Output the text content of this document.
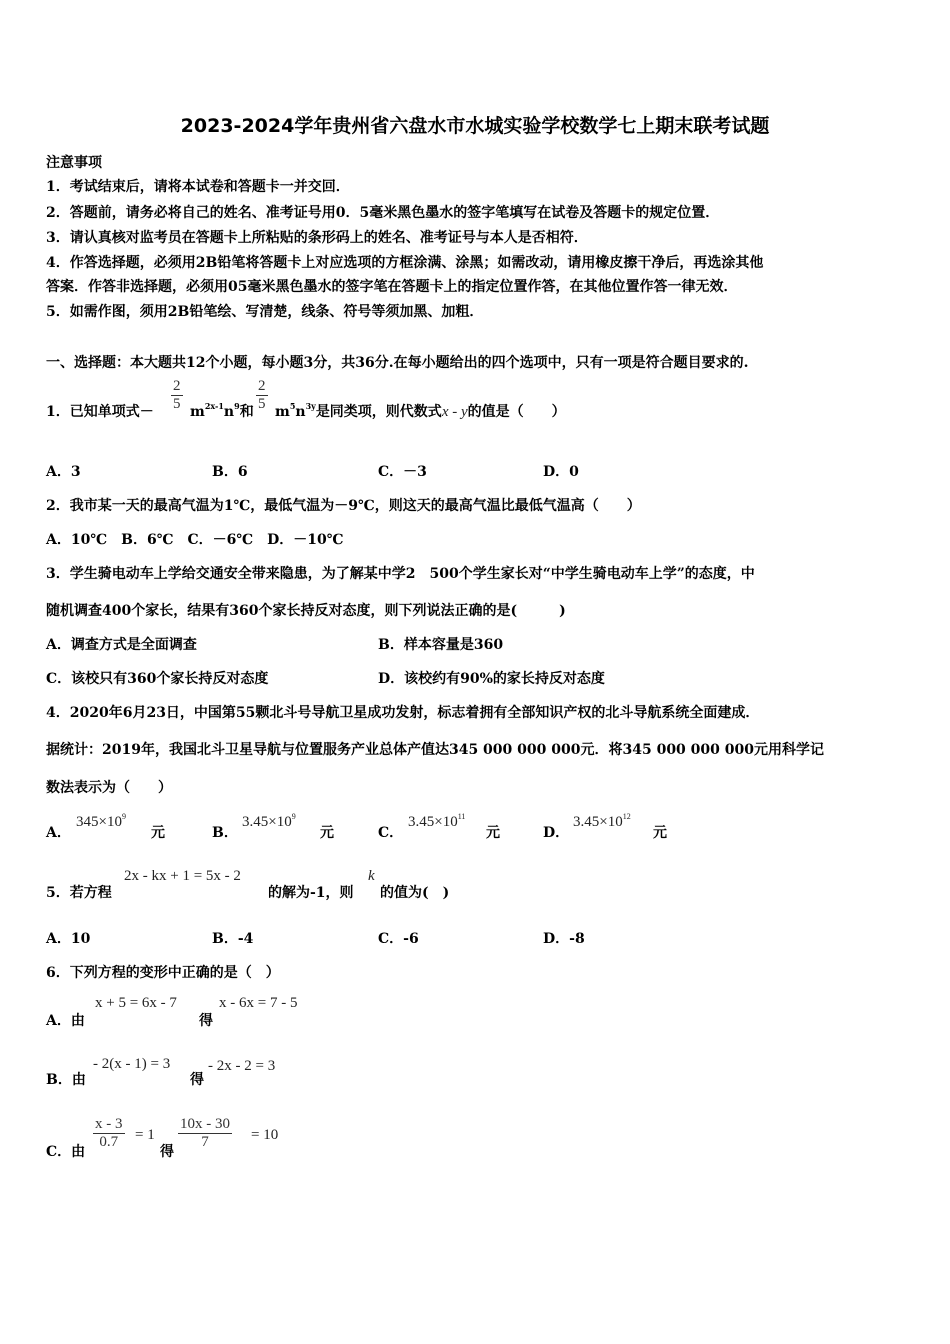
2023-2024学年贵州省六盘水市水城实验学校数学七上期末联考试题
注意事项
1．考试结束后，请将本试卷和答题卡一并交回．
2．答题前，请务必将自己的姓名、准考证号用0．5毫米黑色墨水的签字笔填写在试卷及答题卡的规定位置．
3．请认真核对监考员在答题卡上所粘贴的条形码上的姓名、准考证号与本人是否相符．
4．作答选择题，必须用2B铅笔将答题卡上对应选项的方框涂满、涂黑；如需改动，请用橡皮擦干净后，再选涂其他
答案．作答非选择题，必须用05毫米黑色墨水的签字笔在答题卡上的指定位置作答，在其他位置作答一律无效．
5．如需作图，须用2B铅笔绘、写清楚，线条、符号等须加黑、加粗．
一、选择题：本大题共12个小题，每小题3分，共36分.在每小题给出的四个选项中，只有一项是符合题目要求的.
1．已知单项式－ $\frac{2}{5} m^{2x-1}n^9$和 $\frac{2}{5} m^5n^{3y}$是同类项，则代数式x - y的值是（　　）
A．3	B．6	C．－3	D．0
2．我市某一天的最高气温为1℃，最低气温为－9℃，则这天的最高气温比最低气温高（　　）
A．10℃　B．6℃　C．－6℃　D．－10℃
3．学生骑电动车上学给交通安全带来隐患，为了解某中学2　500个学生家长对“中学生骑电动车上学”的态度，中
随机调查400个家长，结果有360个家长持反对态度，则下列说法正确的是(　　　)
A．调查方式是全面调查	B．样本容量是360
C．该校只有360个家长持反对态度	D．该校约有90%的家长持反对态度
4．2020年6月23日，中国第55颗北斗号导航卫星成功发射，标志着拥有全部知识产权的北斗导航系统全面建成．
据统计：2019年，我国北斗卫星导航与位置服务产业总体产值达345 000 000 000元．将345 000 000 000元用科学记
数法表示为（　　）
A．
$345\times 10^9$
元	B．
$3.45\times 10^9$
元	C．
$3.45\times 10^{11}$
元	D．
$3.45\times 10^{12}$
元
5．若方程
2x - kx + 1 = 5x - 2
的解为-1，则
k
的值为(　)
A．10	B．-4	C．-6	D．-8
6．下列方程的变形中正确的是（　）
A．由
x + 5 = 6x - 7
得
x - 6x = 7 - 5
B．由
- 2(x - 1) = 3
得
- 2x - 2 = 3
C．由
$\frac{x - 3}{0.7} = 1$
得
$\frac{10x - 30}{7} = 10$
